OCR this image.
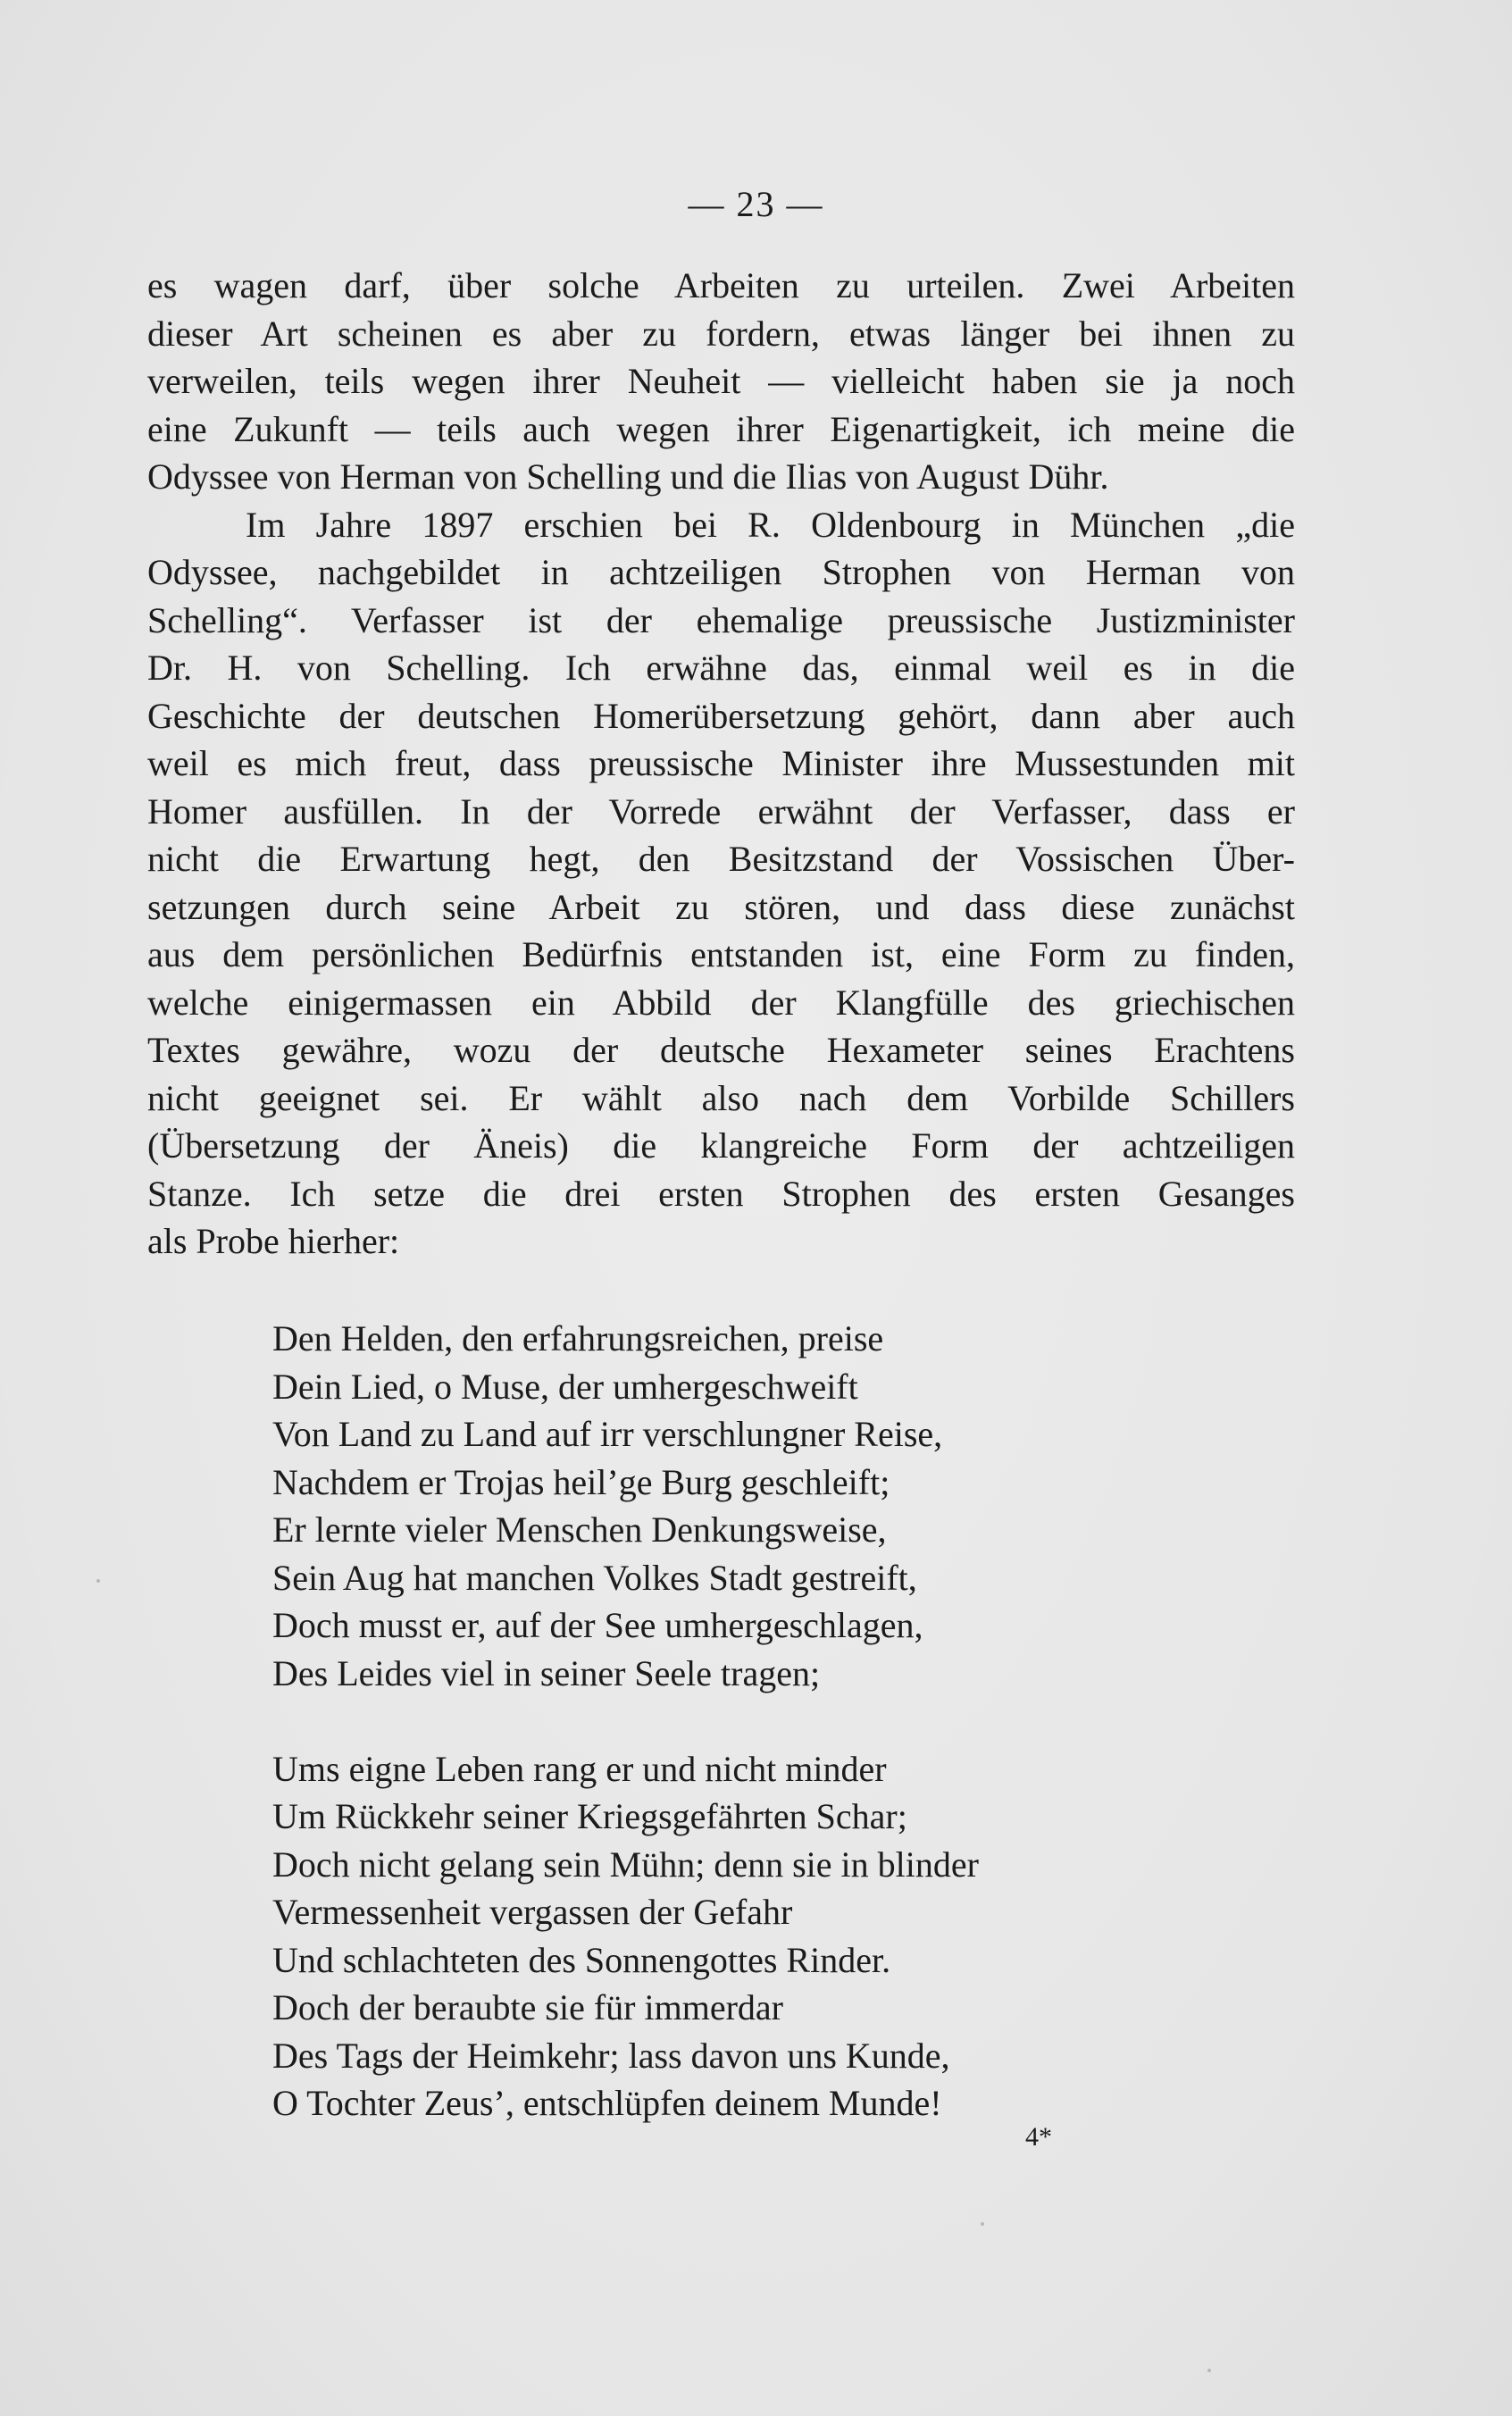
— 23 —
es wagen darf, über solche Arbeiten zu urteilen. Zwei Arbeiten
dieser Art scheinen es aber zu fordern, etwas länger bei ihnen zu
verweilen, teils wegen ihrer Neuheit — vielleicht haben sie ja noch
eine Zukunft — teils auch wegen ihrer Eigenartigkeit, ich meine die
Odyssee von Herman von Schelling und die Ilias von August Dühr.
Im Jahre 1897 erschien bei R. Oldenbourg in München „die
Odyssee, nachgebildet in achtzeiligen Strophen von Herman von
Schelling“. Verfasser ist der ehemalige preussische Justizminister
Dr. H. von Schelling. Ich erwähne das, einmal weil es in die
Geschichte der deutschen Homerübersetzung gehört, dann aber auch
weil es mich freut, dass preussische Minister ihre Mussestunden mit
Homer ausfüllen. In der Vorrede erwähnt der Verfasser, dass er
nicht die Erwartung hegt, den Besitzstand der Vossischen Über-
setzungen durch seine Arbeit zu stören, und dass diese zunächst
aus dem persönlichen Bedürfnis entstanden ist, eine Form zu finden,
welche einigermassen ein Abbild der Klangfülle des griechischen
Textes gewähre, wozu der deutsche Hexameter seines Erachtens
nicht geeignet sei. Er wählt also nach dem Vorbilde Schillers
(Übersetzung der Äneis) die klangreiche Form der achtzeiligen
Stanze. Ich setze die drei ersten Strophen des ersten Gesanges
als Probe hierher:
Den Helden, den erfahrungsreichen, preise
Dein Lied, o Muse, der umhergeschweift
Von Land zu Land auf irr verschlungner Reise,
Nachdem er Trojas heil’ge Burg geschleift;
Er lernte vieler Menschen Denkungsweise,
Sein Aug hat manchen Volkes Stadt gestreift,
Doch musst er, auf der See umhergeschlagen,
Des Leides viel in seiner Seele tragen;
Ums eigne Leben rang er und nicht minder
Um Rückkehr seiner Kriegsgefährten Schar;
Doch nicht gelang sein Mühn; denn sie in blinder
Vermessenheit vergassen der Gefahr
Und schlachteten des Sonnengottes Rinder.
Doch der beraubte sie für immerdar
Des Tags der Heimkehr; lass davon uns Kunde,
O Tochter Zeus’, entschlüpfen deinem Munde!
4*
